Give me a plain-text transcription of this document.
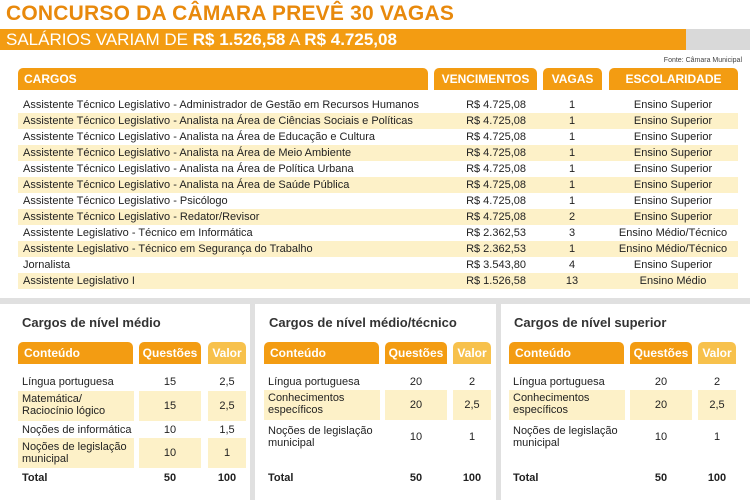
CONCURSO DA CÂMARA PREVÊ 30 VAGAS
SALÁRIOS VARIAM DE R$ 1.526,58 A R$ 4.725,08
Fonte: Câmara Municipal
CARGOS	VENCIMENTOS	VAGAS	ESCOLARIDADE
Assistente Técnico Legislativo - Administrador de Gestão em Recursos Humanos	R$ 4.725,08	1	Ensino Superior
Assistente Técnico Legislativo - Analista na Área de Ciências Sociais e Políticas	R$ 4.725,08	1	Ensino Superior
Assistente Técnico Legislativo - Analista na Área de Educação e Cultura	R$ 4.725,08	1	Ensino Superior
Assistente Técnico Legislativo - Analista na Área de Meio Ambiente	R$ 4.725,08	1	Ensino Superior
Assistente Técnico Legislativo - Analista na Área de Política Urbana	R$ 4.725,08	1	Ensino Superior
Assistente Técnico Legislativo - Analista na Área de Saúde Pública	R$ 4.725,08	1	Ensino Superior
Assistente Técnico Legislativo - Psicólogo	R$ 4.725,08	1	Ensino Superior
Assistente Técnico Legislativo - Redator/Revisor	R$ 4.725,08	2	Ensino Superior
Assistente Legislativo - Técnico em Informática	R$ 2.362,53	3	Ensino Médio/Técnico
Assistente Legislativo - Técnico em Segurança do Trabalho	R$ 2.362,53	1	Ensino Médio/Técnico
Jornalista	R$ 3.543,80	4	Ensino Superior
Assistente Legislativo I	R$ 1.526,58	13	Ensino Médio
Cargos de nível médio
Conteúdo	Questões	Valor
Língua portuguesa	15	2,5
Matemática/ Raciocínio lógico	15	2,5
Noções de informática	10	1,5
Noções de legislação municipal	10	1
Total	50	100
Cargos de nível médio/técnico
Conteúdo	Questões	Valor
Língua portuguesa	20	2
Conhecimentos específicos	20	2,5
Noções de legislação municipal	10	1
Total	50	100
Cargos de nível superior
Conteúdo	Questões	Valor
Língua portuguesa	20	2
Conhecimentos específicos	20	2,5
Noções de legislação municipal	10	1
Total	50	100
